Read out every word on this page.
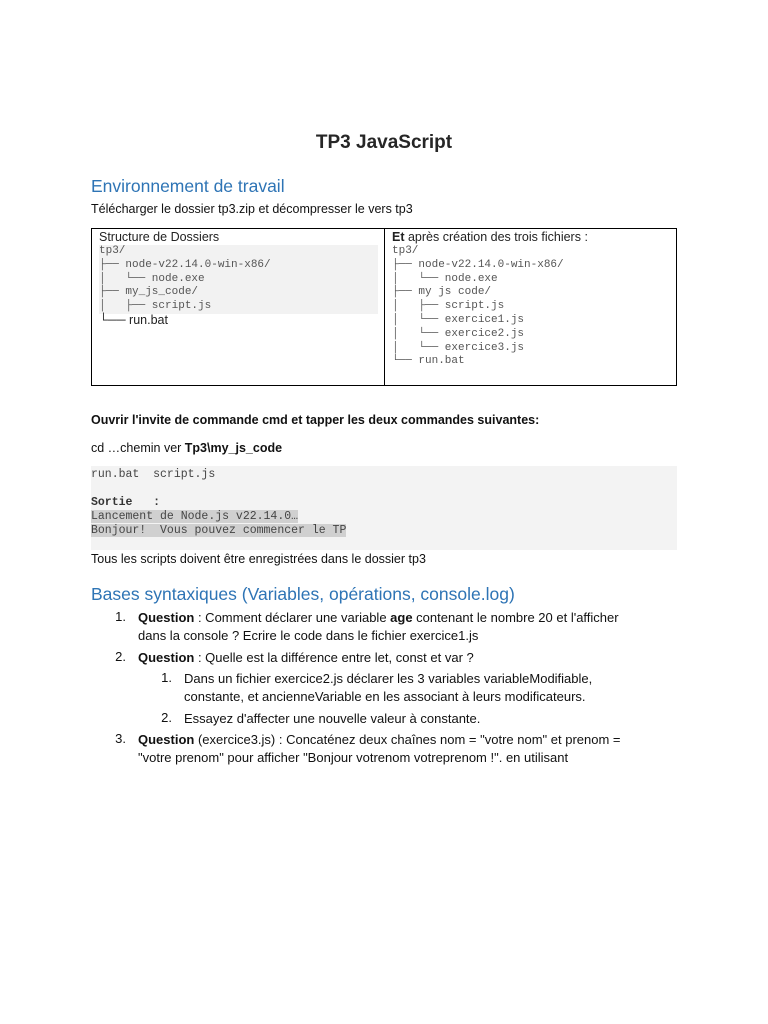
TP3 JavaScript
Environnement de travail
Télécharger le dossier tp3.zip et décompresser le vers tp3
Structure de Dossiers
tp3/
├── node-v22.14.0-win-x86/
│   └── node.exe
├── my_js_code/
│   ├── script.js
└── run.bat
Et après création des trois fichiers :
tp3/
├── node-v22.14.0-win-x86/
│   └── node.exe
├── my js code/
│   ├── script.js
│   └── exercice1.js
│   └── exercice2.js
│   └── exercice3.js
└── run.bat
Ouvrir l'invite de commande cmd et tapper les deux commandes suivantes:
cd …chemin ver Tp3\my_js_code
run.bat  script.js
Sortie   :
Lancement de Node.js v22.14.0…
Bonjour!  Vous pouvez commencer le TP
Tous les scripts doivent être enregistrées dans le dossier tp3
Bases syntaxiques (Variables, opérations, console.log)
1. Question : Comment déclarer une variable age contenant le nombre 20 et l'afficher
dans la console ? Ecrire le code dans le fichier exercice1.js
2. Question : Quelle est la différence entre let, const et var ?
1. Dans un fichier exercice2.js déclarer les 3 variables variableModifiable,
constante, et ancienneVariable en les associant à leurs modificateurs.
2. Essayez d'affecter une nouvelle valeur à constante.
3. Question (exercice3.js) : Concaténez deux chaînes nom = "votre nom" et prenom =
"votre prenom" pour afficher "Bonjour votrenom votreprenom !". en utilisant
